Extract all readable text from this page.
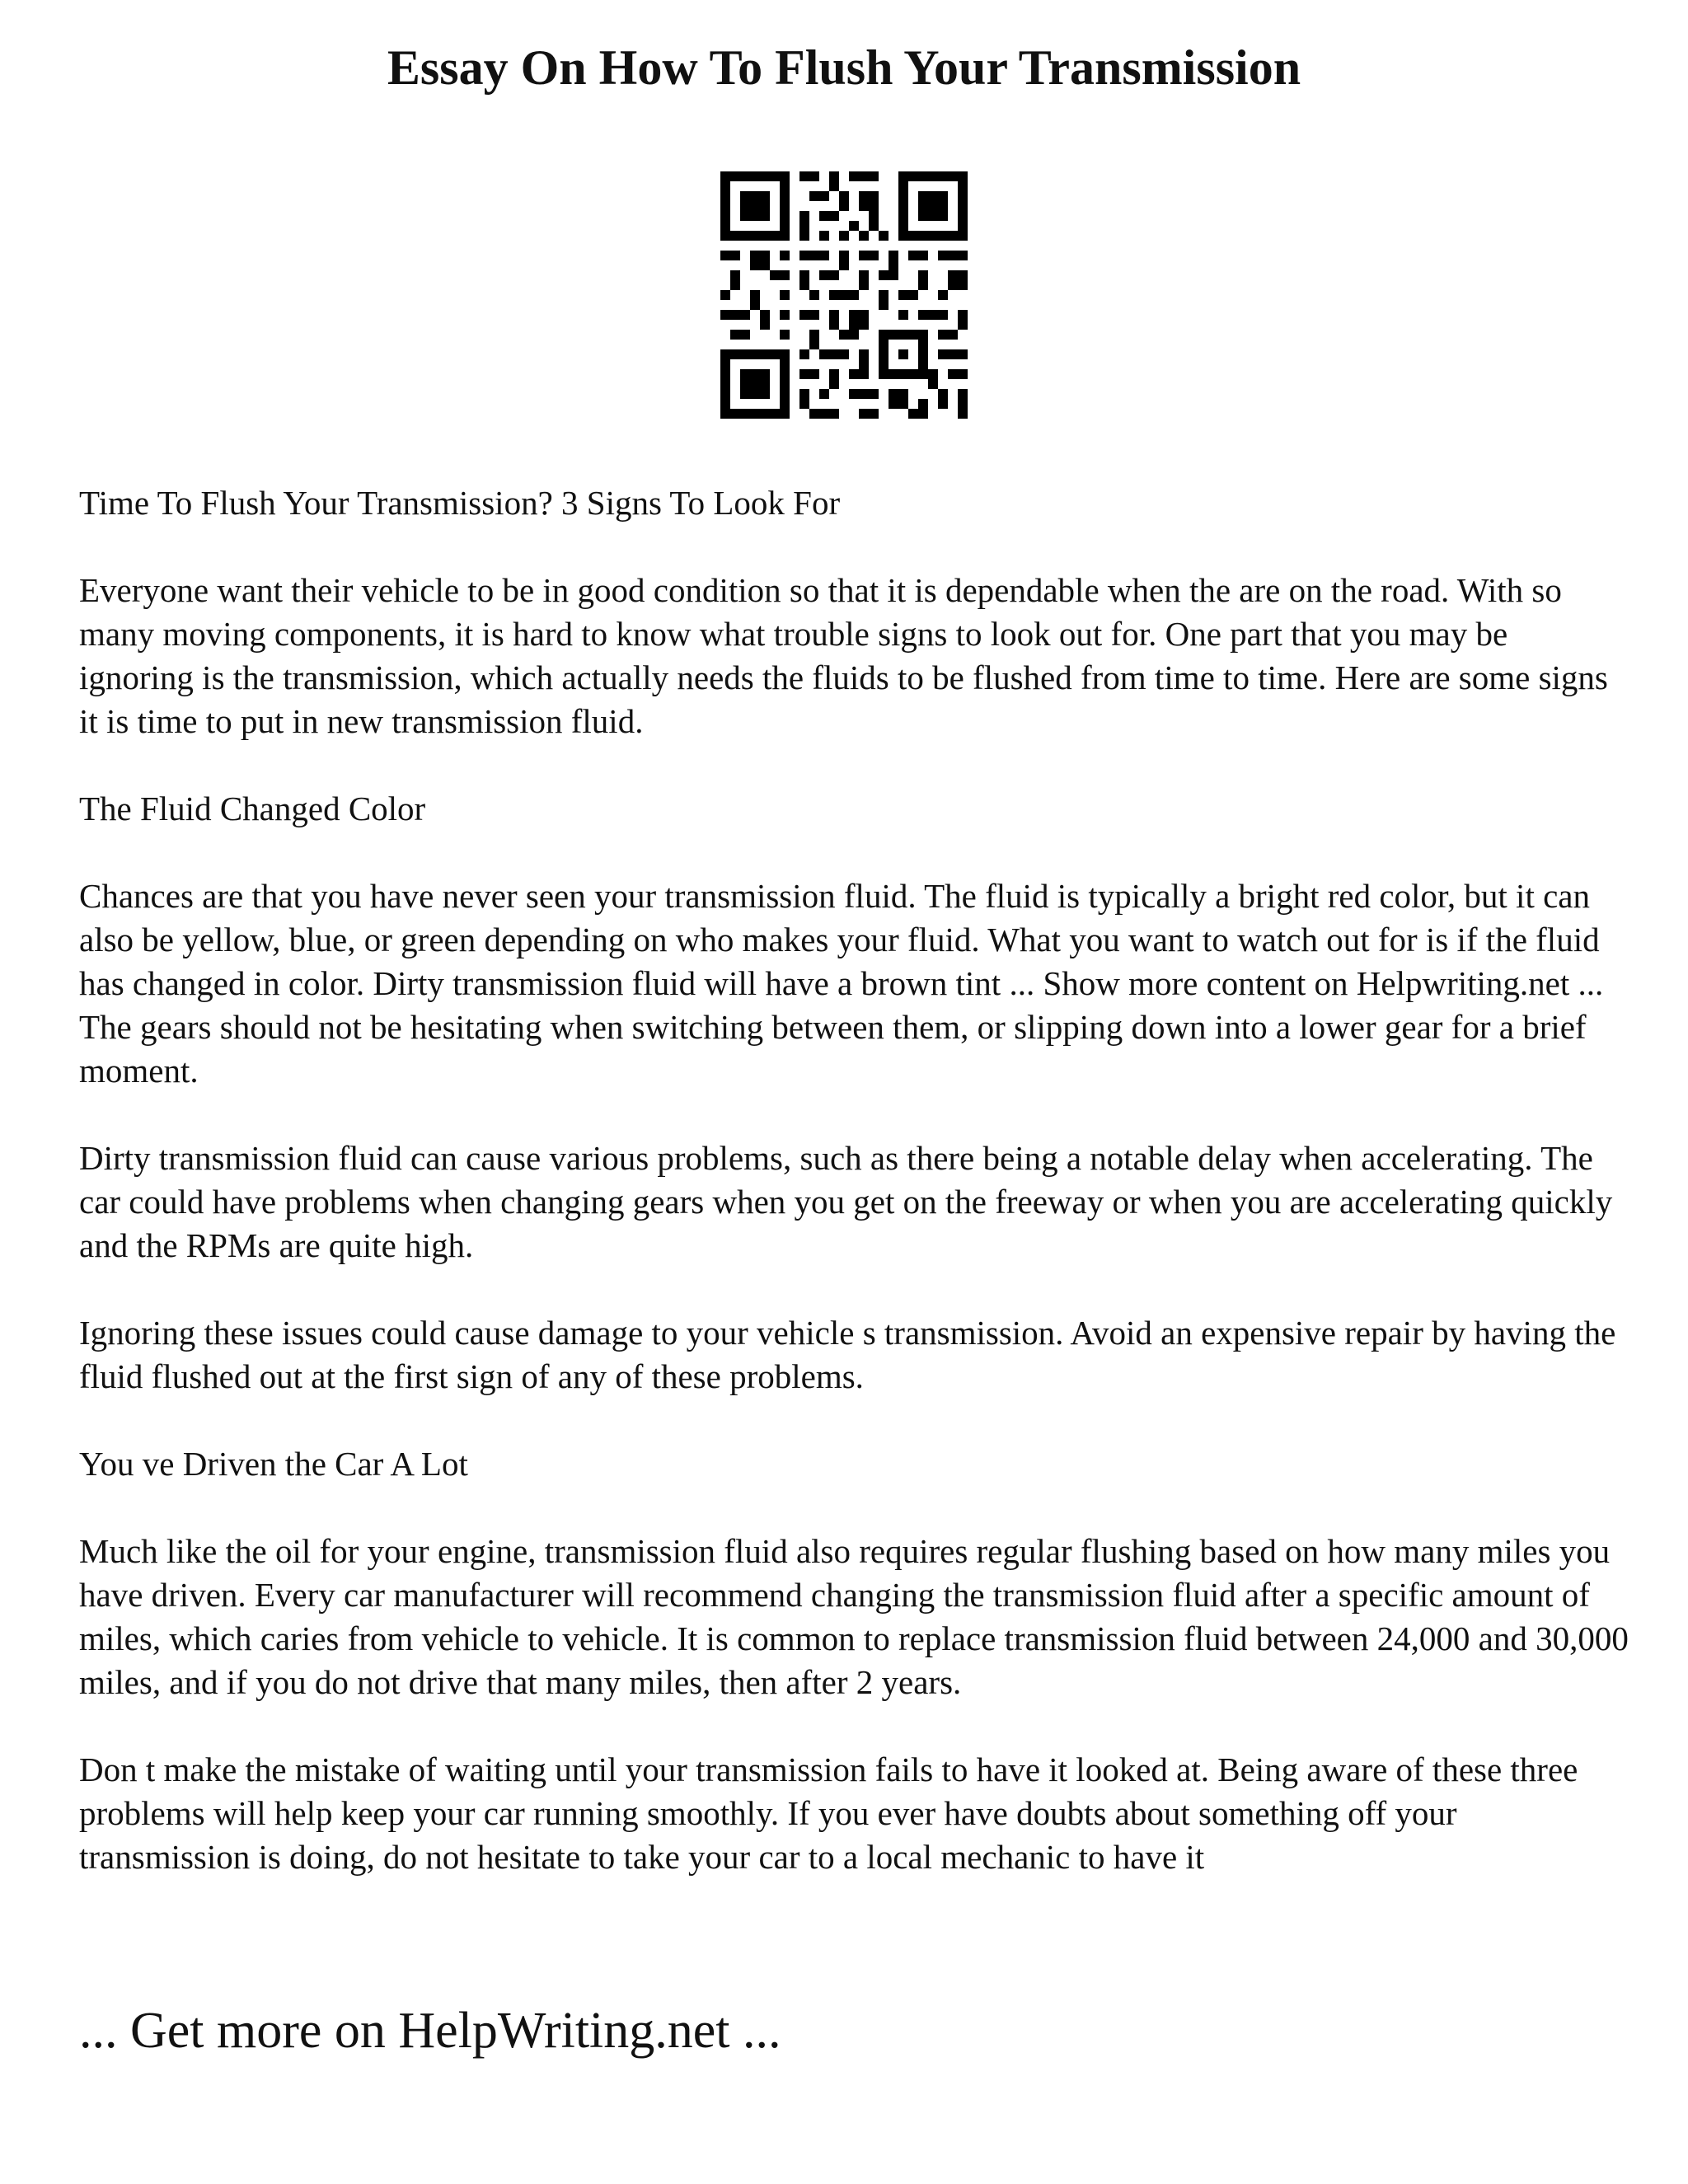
Essay On How To Flush Your Transmission

Time To Flush Your Transmission? 3 Signs To Look For

Everyone want their vehicle to be in good condition so that it is dependable when the are on the road. With so many moving components, it is hard to know what trouble signs to look out for. One part that you may be ignoring is the transmission, which actually needs the fluids to be flushed from time to time. Here are some signs it is time to put in new transmission fluid.

The Fluid Changed Color

Chances are that you have never seen your transmission fluid. The fluid is typically a bright red color, but it can also be yellow, blue, or green depending on who makes your fluid. What you want to watch out for is if the fluid has changed in color. Dirty transmission fluid will have a brown tint ... Show more content on Helpwriting.net ...

The gears should not be hesitating when switching between them, or slipping down into a lower gear for a brief moment.

Dirty transmission fluid can cause various problems, such as there being a notable delay when accelerating. The car could have problems when changing gears when you get on the freeway or when you are accelerating quickly and the RPMs are quite high.

Ignoring these issues could cause damage to your vehicle s transmission. Avoid an expensive repair by having the fluid flushed out at the first sign of any of these problems.

You ve Driven the Car A Lot

Much like the oil for your engine, transmission fluid also requires regular flushing based on how many miles you have driven. Every car manufacturer will recommend changing the transmission fluid after a specific amount of miles, which caries from vehicle to vehicle. It is common to replace transmission fluid between 24,000 and 30,000 miles, and if you do not drive that many miles, then after 2 years.

Don t make the mistake of waiting until your transmission fails to have it looked at. Being aware of these three problems will help keep your car running smoothly. If you ever have doubts about something off your transmission is doing, do not hesitate to take your car to a local mechanic to have it

... Get more on HelpWriting.net ...
